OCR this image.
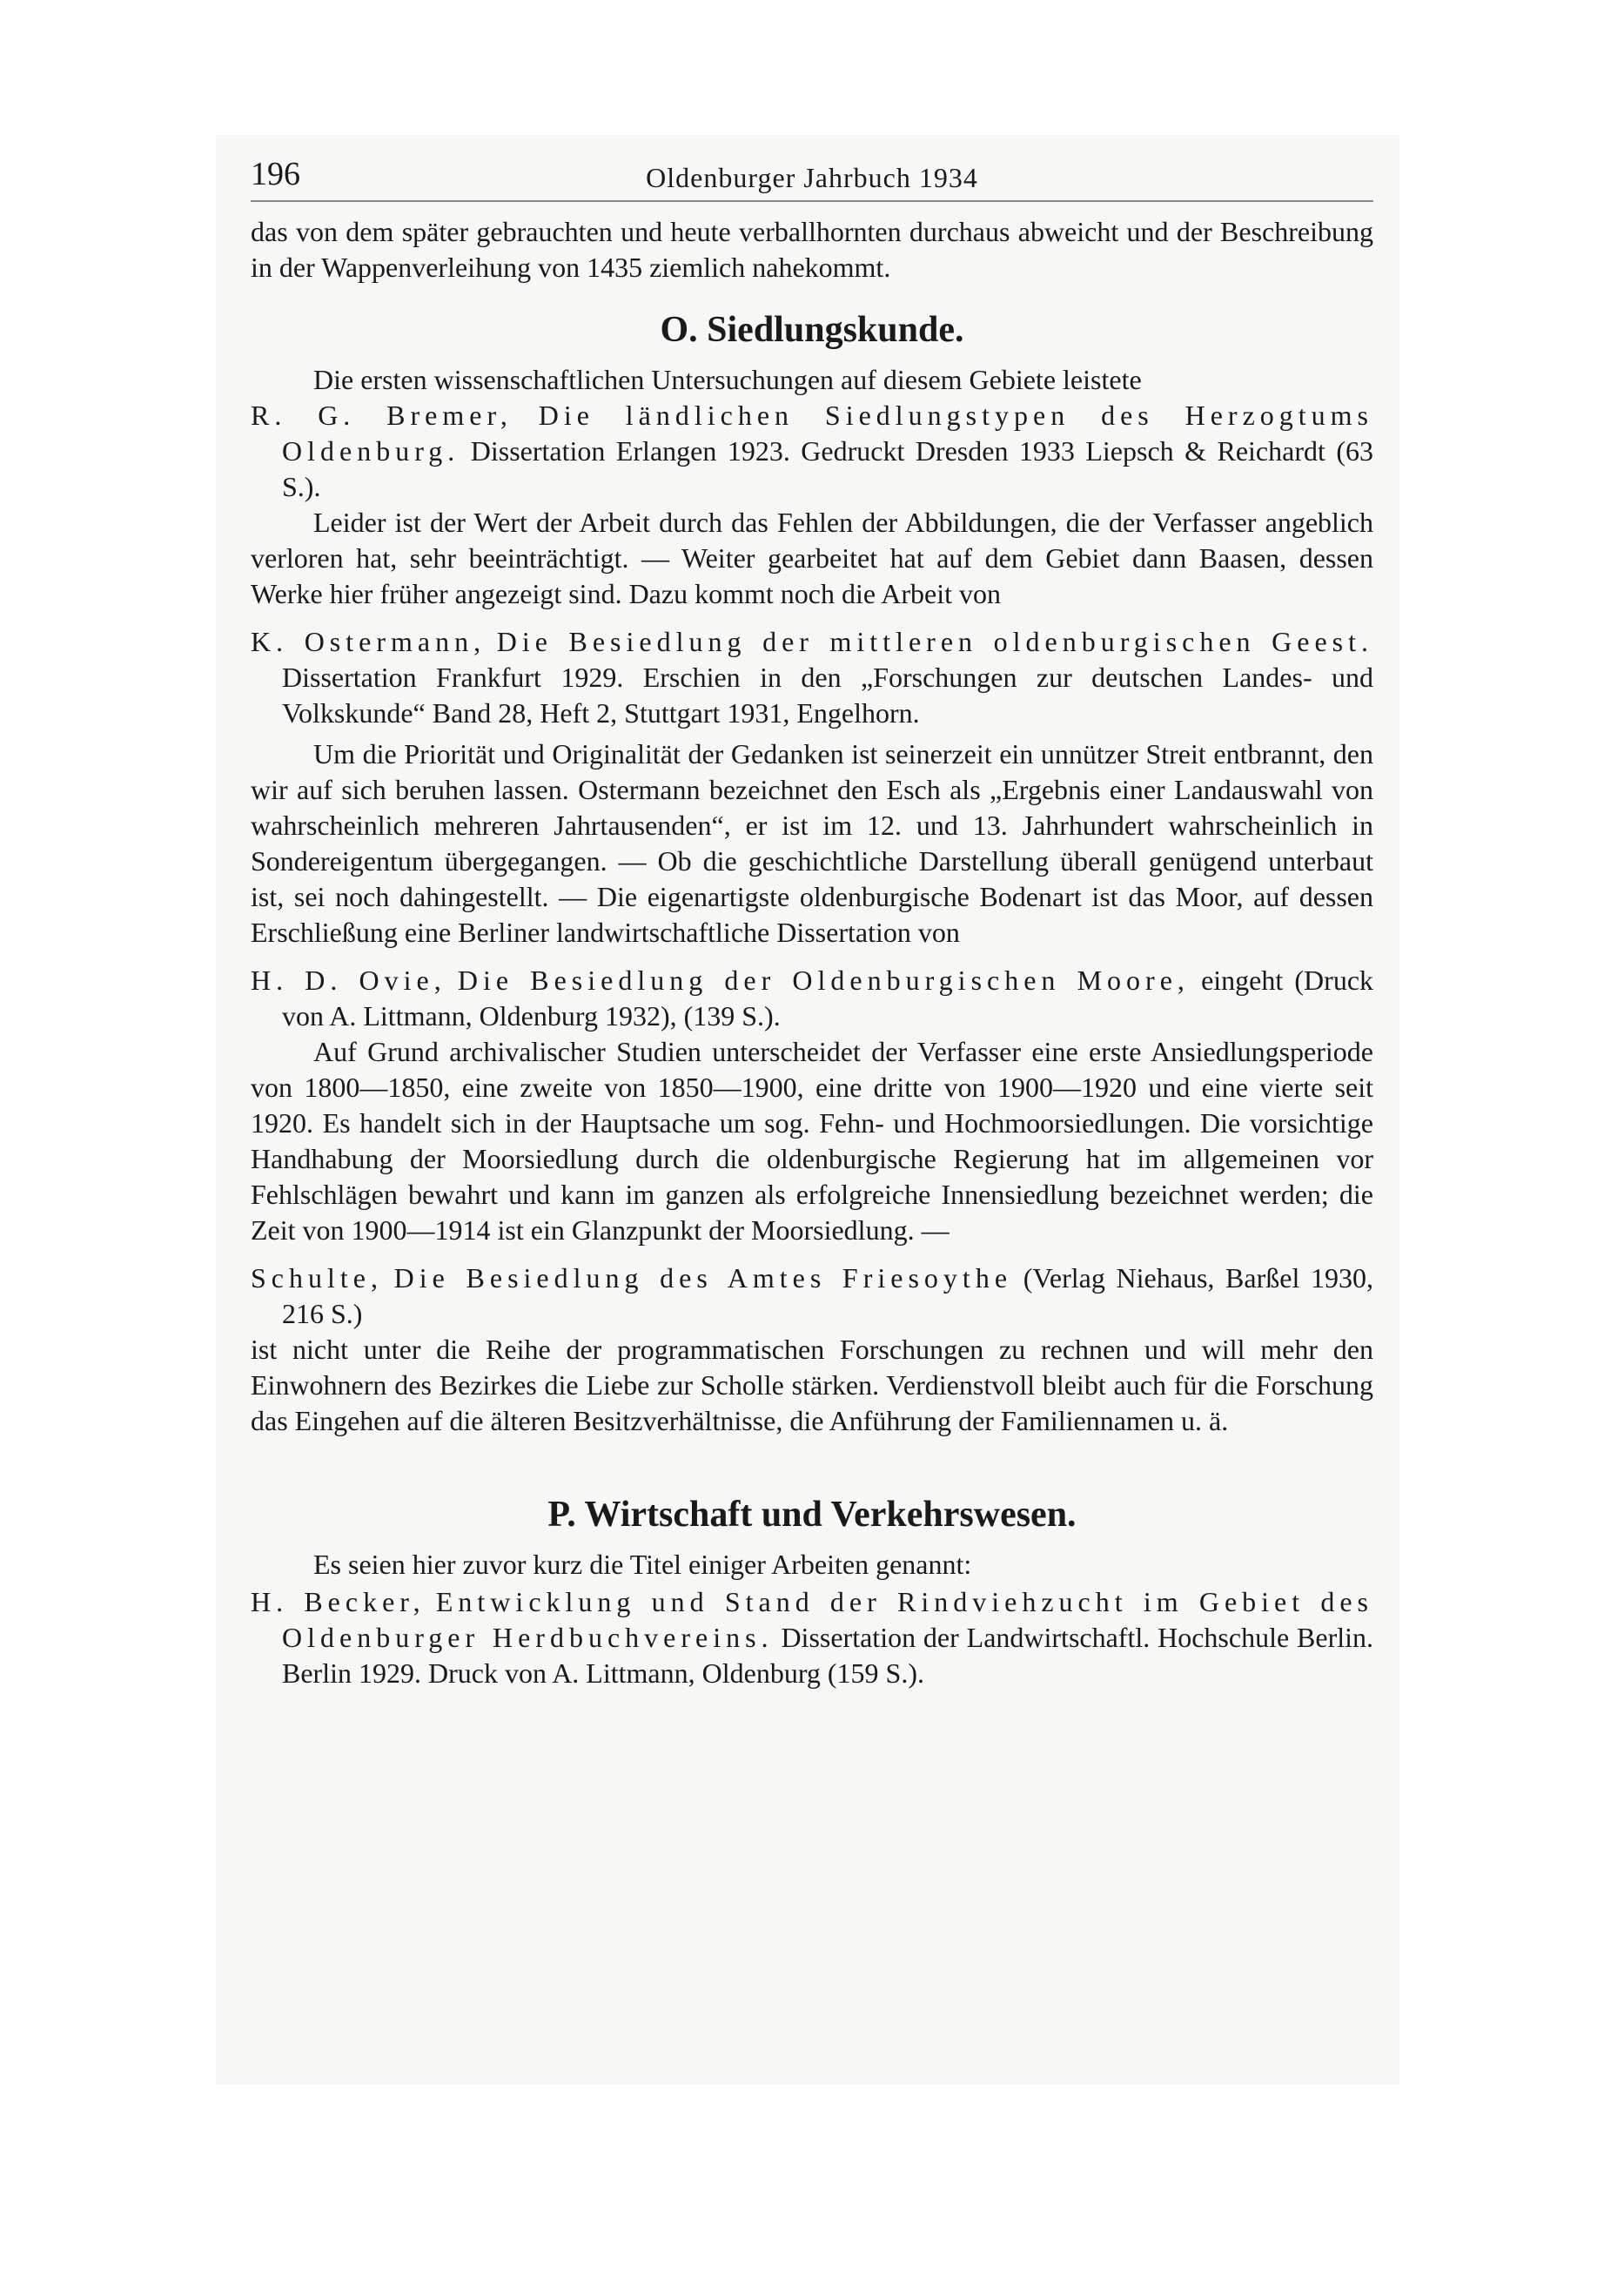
196	Oldenburger Jahrbuch 1934

das von dem später gebrauchten und heute verballhornten durchaus abweicht und der Beschreibung in der Wappenverleihung von 1435 ziemlich nahekommt.

O. Siedlungskunde.

Die ersten wissenschaftlichen Untersuchungen auf diesem Gebiete leistete

R. G. Bremer, Die ländlichen Siedlungstypen des Herzogtums Oldenburg. Dissertation Erlangen 1923. Gedruckt Dresden 1933 Liepsch & Reichardt (63 S.).

Leider ist der Wert der Arbeit durch das Fehlen der Abbildungen, die der Verfasser angeblich verloren hat, sehr beeinträchtigt. — Weiter gearbeitet hat auf dem Gebiet dann Baasen, dessen Werke hier früher angezeigt sind. Dazu kommt noch die Arbeit von

K. Ostermann, Die Besiedlung der mittleren oldenburgischen Geest. Dissertation Frankfurt 1929. Erschien in den „Forschungen zur deutschen Landes- und Volkskunde“ Band 28, Heft 2, Stuttgart 1931, Engelhorn.

Um die Priorität und Originalität der Gedanken ist seinerzeit ein unnützer Streit entbrannt, den wir auf sich beruhen lassen. Ostermann bezeichnet den Esch als „Ergebnis einer Landauswahl von wahrscheinlich mehreren Jahrtausenden“, er ist im 12. und 13. Jahrhundert wahrscheinlich in Sondereigentum übergegangen. — Ob die geschichtliche Darstellung überall genügend unterbaut ist, sei noch dahingestellt. — Die eigenartigste oldenburgische Bodenart ist das Moor, auf dessen Erschließung eine Berliner landwirtschaftliche Dissertation von

H. D. Ovie, Die Besiedlung der Oldenburgischen Moore, eingeht (Druck von A. Littmann, Oldenburg 1932), (139 S.).

Auf Grund archivalischer Studien unterscheidet der Verfasser eine erste Ansiedlungsperiode von 1800—1850, eine zweite von 1850—1900, eine dritte von 1900—1920 und eine vierte seit 1920. Es handelt sich in der Hauptsache um sog. Fehn- und Hochmoorsiedlungen. Die vorsichtige Handhabung der Moorsiedlung durch die oldenburgische Regierung hat im allgemeinen vor Fehlschlägen bewahrt und kann im ganzen als erfolgreiche Innensiedlung bezeichnet werden; die Zeit von 1900—1914 ist ein Glanzpunkt der Moorsiedlung. —

Schulte, Die Besiedlung des Amtes Friesoythe (Verlag Niehaus, Barßel 1930, 216 S.)

ist nicht unter die Reihe der programmatischen Forschungen zu rechnen und will mehr den Einwohnern des Bezirkes die Liebe zur Scholle stärken. Verdienstvoll bleibt auch für die Forschung das Eingehen auf die älteren Besitzverhältnisse, die Anführung der Familiennamen u. ä.

P. Wirtschaft und Verkehrswesen.

Es seien hier zuvor kurz die Titel einiger Arbeiten genannt:

H. Becker, Entwicklung und Stand der Rindviehzucht im Gebiet des Oldenburger Herdbuchvereins. Dissertation der Landwirtschaftl. Hochschule Berlin. Berlin 1929. Druck von A. Littmann, Oldenburg (159 S.).
